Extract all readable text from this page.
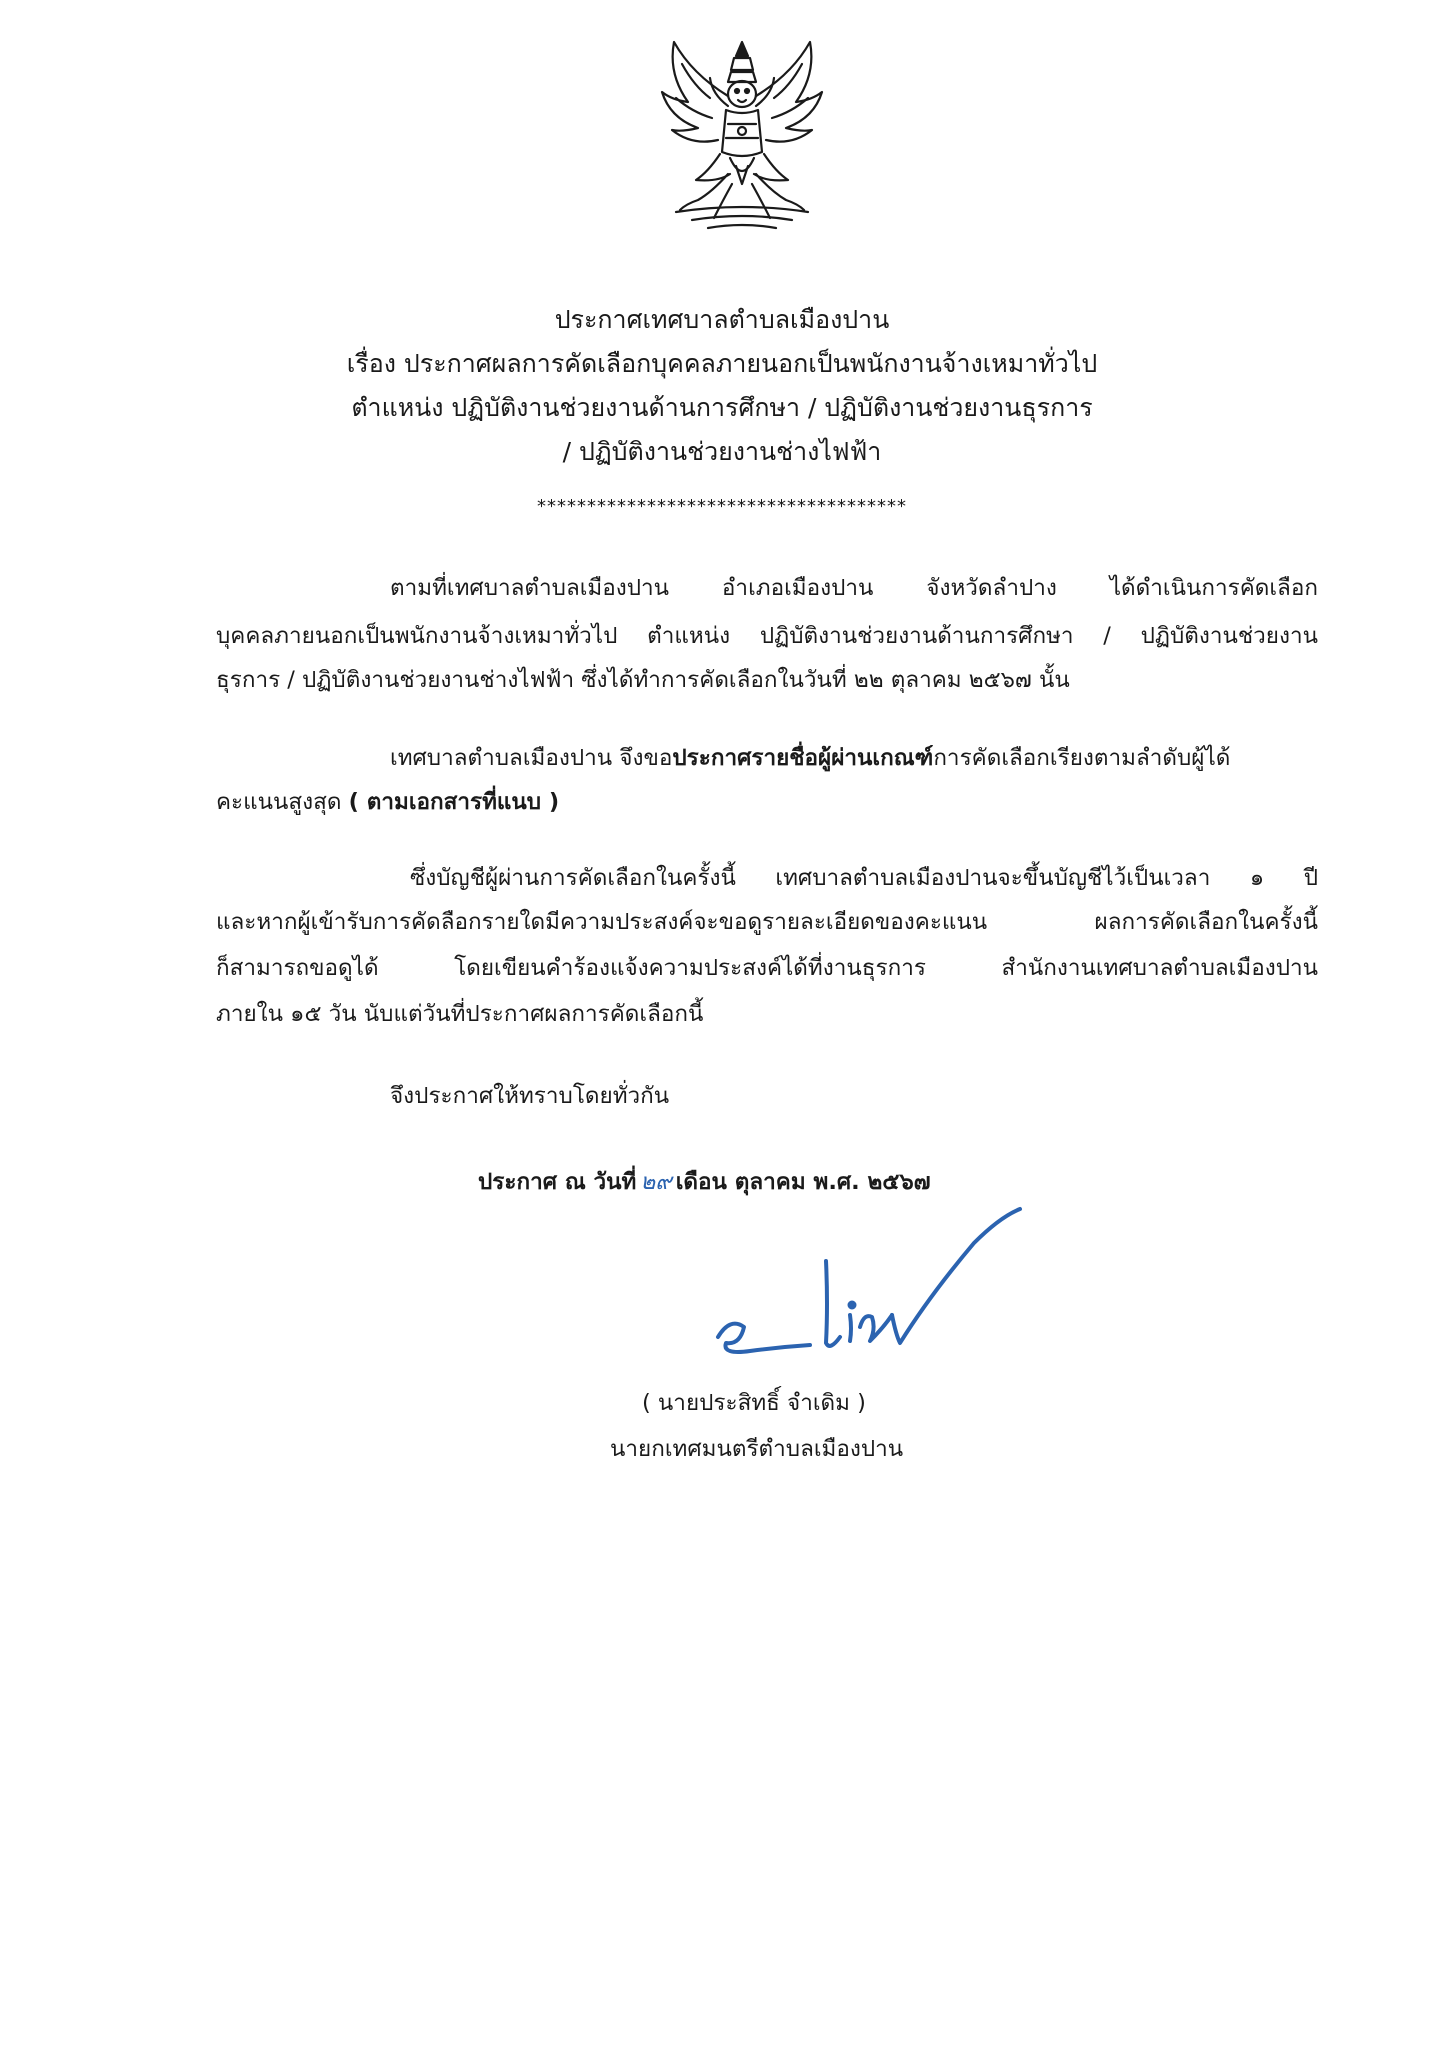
ประกาศเทศบาลตำบลเมืองปาน
เรื่อง ประกาศผลการคัดเลือกบุคคลภายนอกเป็นพนักงานจ้างเหมาทั่วไป
ตำแหน่ง ปฏิบัติงานช่วยงานด้านการศึกษา / ปฏิบัติงานช่วยงานธุรการ
/ ปฏิบัติงานช่วยงานช่างไฟฟ้า
*************************************
ตามที่เทศบาลตำบลเมืองปาน อำเภอเมืองปาน จังหวัดลำปาง ได้ดำเนินการคัดเลือก
บุคคลภายนอกเป็นพนักงานจ้างเหมาทั่วไป ตำแหน่ง ปฏิบัติงานช่วยงานด้านการศึกษา / ปฏิบัติงานช่วยงาน
ธุรการ / ปฏิบัติงานช่วยงานช่างไฟฟ้า ซึ่งได้ทำการคัดเลือกในวันที่ ๒๒ ตุลาคม ๒๕๖๗ นั้น
เทศบาลตำบลเมืองปาน จึงขอประกาศรายชื่อผู้ผ่านเกณฑ์การคัดเลือกเรียงตามลำดับผู้ได้
คะแนนสูงสุด ( ตามเอกสารที่แนบ )
ซึ่งบัญชีผู้ผ่านการคัดเลือกในครั้งนี้ เทศบาลตำบลเมืองปานจะขึ้นบัญชีไว้เป็นเวลา ๑ ปี
และหากผู้เข้ารับการคัดลือกรายใดมีความประสงค์จะขอดูรายละเอียดของคะแนน ผลการคัดเลือกในครั้งนี้
ก็สามารถขอดูได้ โดยเขียนคำร้องแจ้งความประสงค์ได้ที่งานธุรการ สำนักงานเทศบาลตำบลเมืองปาน
ภายใน ๑๕ วัน นับแต่วันที่ประกาศผลการคัดเลือกนี้
จึงประกาศให้ทราบโดยทั่วกัน
ประกาศ ณ วันที่ ๒๙ เดือน ตุลาคม พ.ศ. ๒๕๖๗
( นายประสิทธิ์ จำเดิม )
นายกเทศมนตรีตำบลเมืองปาน
